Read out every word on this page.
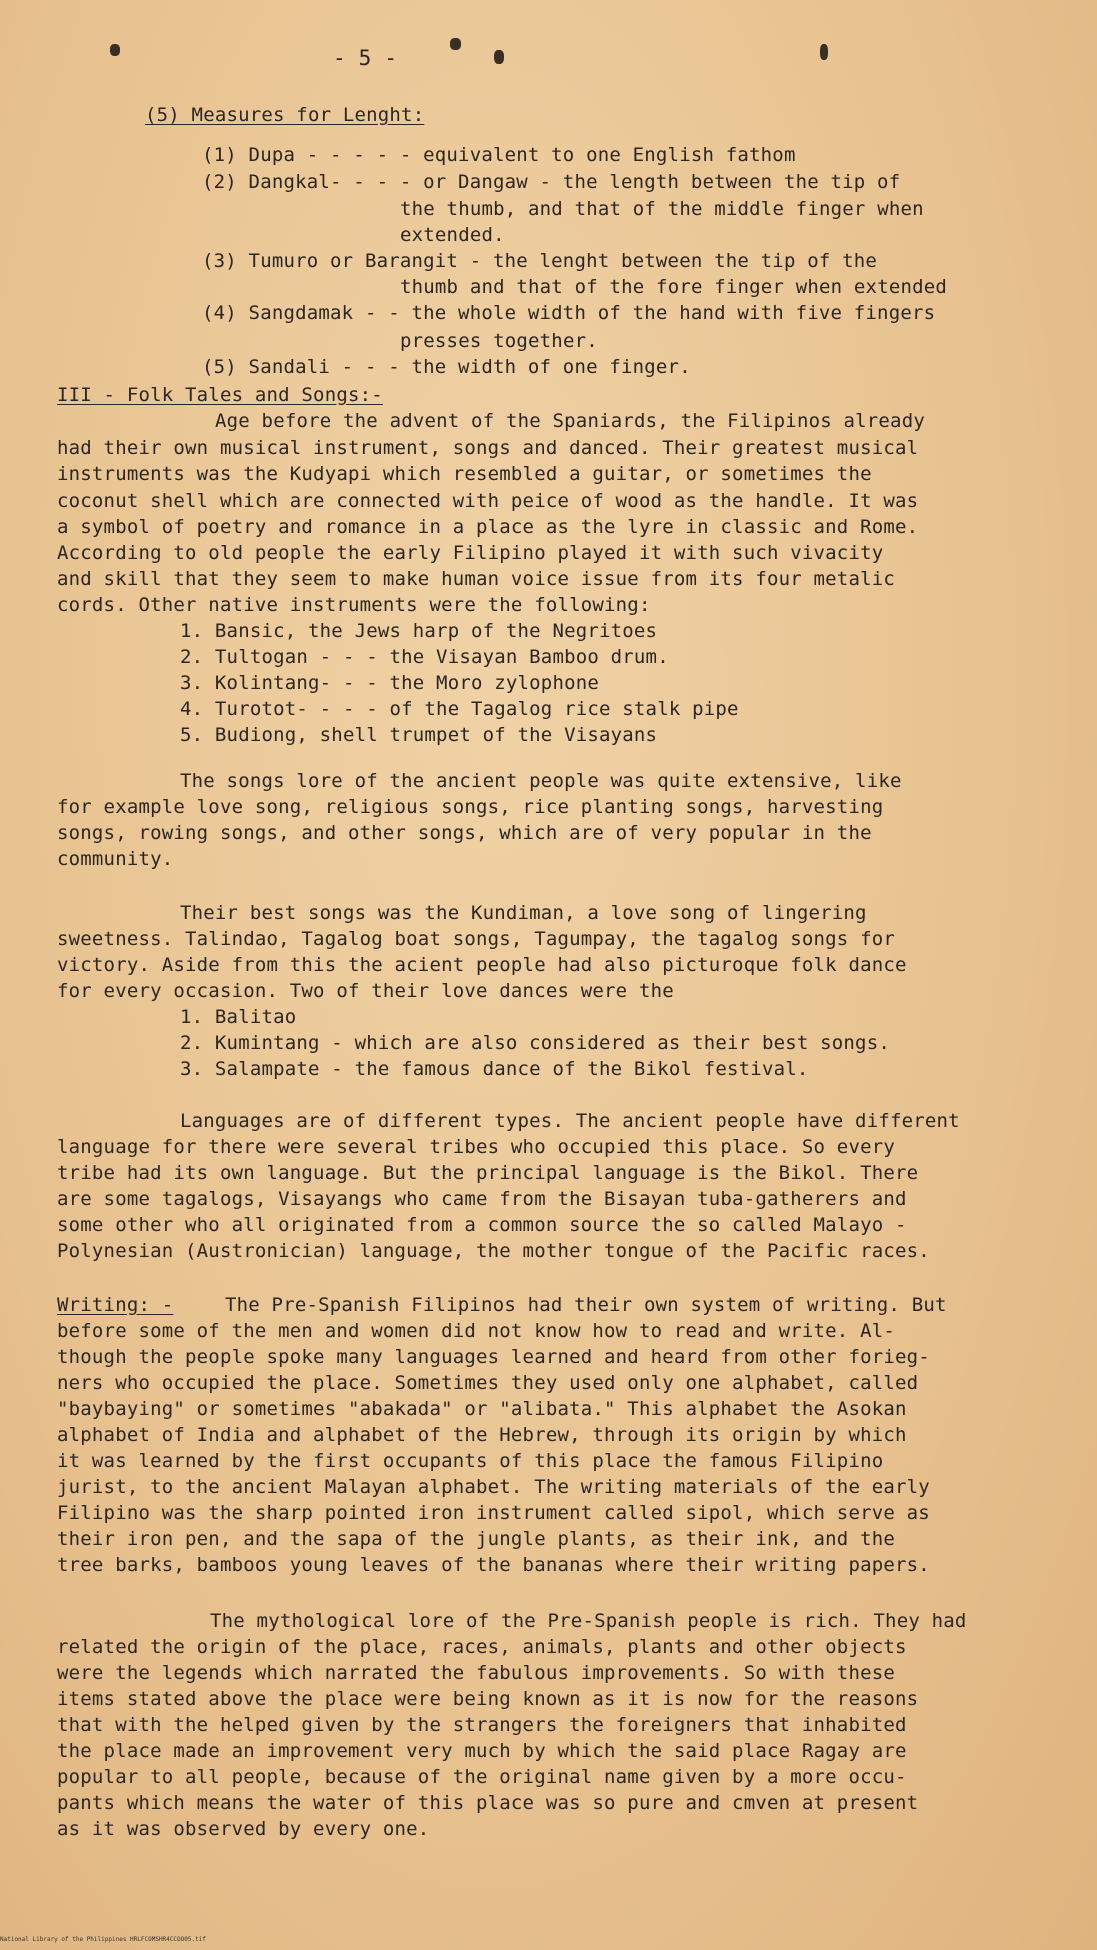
- 5 -
(5) Measures for Lenght:
(1) Dupa - - - - - equivalent to one English fathom
(2) Dangkal- - - - or Dangaw - the length between the tip of
the thumb, and that of the middle finger when
extended.
(3) Tumuro or Barangit - the lenght between the tip of the
thumb and that of the fore finger when extended
(4) Sangdamak - - the whole width of the hand with five fingers
presses together.
(5) Sandali - - - the width of one finger.
III - Folk Tales and Songs:-
Age before the advent of the Spaniards, the Filipinos already
had their own musical instrument, songs and danced. Their greatest musical
instruments was the Kudyapi which resembled a guitar, or sometimes the
coconut shell which are connected with peice of wood as the handle. It was
a symbol of poetry and romance in a place as the lyre in classic and Rome.
According to old people the early Filipino played it with such vivacity
and skill that they seem to make human voice issue from its four metalic
cords. Other native instruments were the following:
1. Bansic, the Jews harp of the Negritoes
2. Tultogan - - - the Visayan Bamboo drum.
3. Kolintang- - - the Moro zylophone
4. Turotot- - - - of the Tagalog rice stalk pipe
5. Budiong, shell trumpet of the Visayans
The songs lore of the ancient people was quite extensive, like
for example love song, religious songs, rice planting songs, harvesting
songs, rowing songs, and other songs, which are of very popular in the
community.
Their best songs was the Kundiman, a love song of lingering
sweetness. Talindao, Tagalog boat songs, Tagumpay, the tagalog songs for
victory. Aside from this the acient people had also picturoque folk dance
for every occasion. Two of their love dances were the
1. Balitao
2. Kumintang - which are also considered as their best songs.
3. Salampate - the famous dance of the Bikol festival.
Languages are of different types. The ancient people have different
language for there were several tribes who occupied this place. So every
tribe had its own language. But the principal language is the Bikol. There
are some tagalogs, Visayangs who came from the Bisayan tuba-gatherers and
some other who all originated from a common source the so called Malayo -
Polynesian (Austronician) language, the mother tongue of the Pacific races.
Writing: -	The Pre-Spanish Filipinos had their own system of writing. But
before some of the men and women did not know how to read and write. Al-
though the people spoke many languages learned and heard from other forieg-
ners who occupied the place. Sometimes they used only one alphabet, called
"baybaying" or sometimes "abakada" or "alibata." This alphabet the Asokan
alphabet of India and alphabet of the Hebrew, through its origin by which
it was learned by the first occupants of this place the famous Filipino
jurist, to the ancient Malayan alphabet. The writing materials of the early
Filipino was the sharp pointed iron instrument called sipol, which serve as
their iron pen, and the sapa of the jungle plants, as their ink, and the
tree barks, bamboos young leaves of the bananas where their writing papers.
The mythological lore of the Pre-Spanish people is rich. They had
related the origin of the place, races, animals, plants and other objects
were the legends which narrated the fabulous improvements. So with these
items stated above the place were being known as it is now for the reasons
that with the helped given by the strangers the foreigners that inhabited
the place made an improvement very much by which the said place Ragay are
popular to all people, because of the original name given by a more occu-
pants which means the water of this place was so pure and cmven at present
as it was observed by every one.
National Library of the Philippines HRLFCOMSHR4CCOO05.tif
